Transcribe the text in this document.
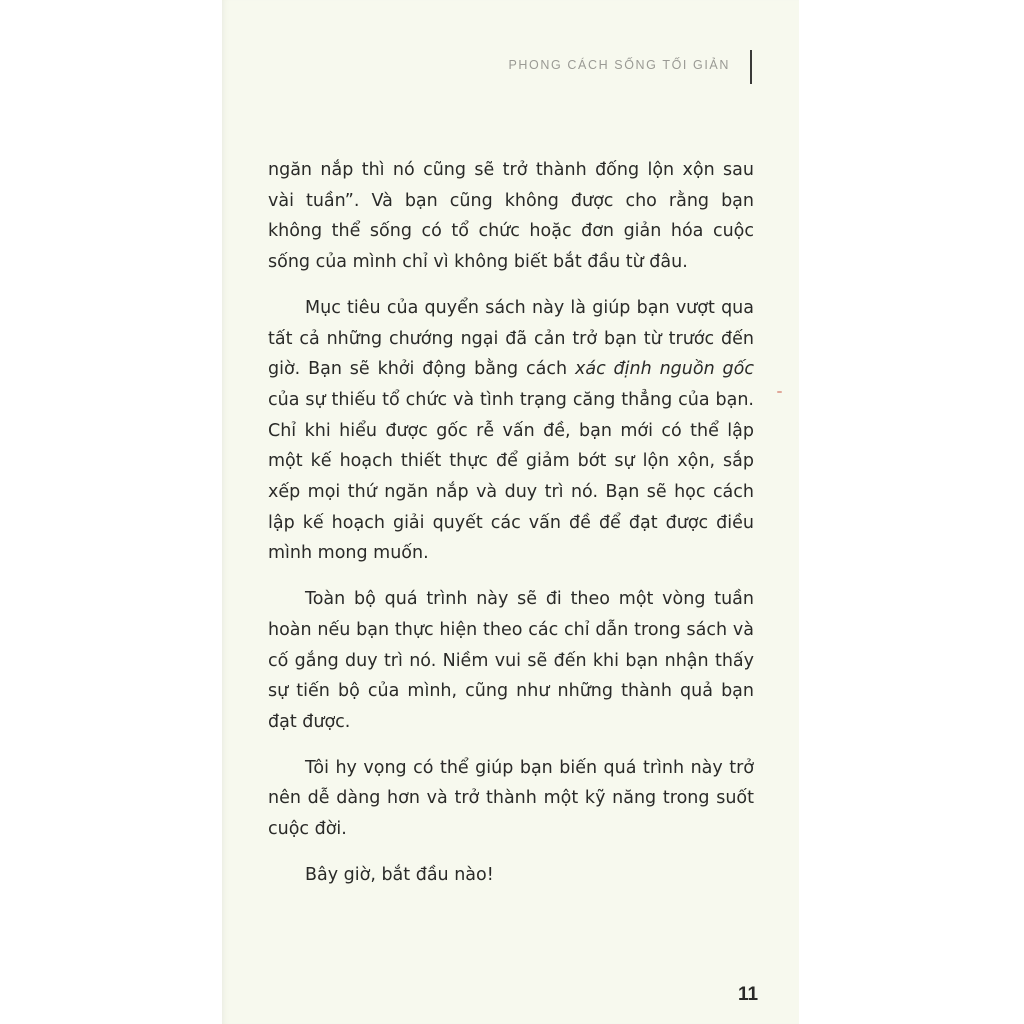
PHONG CÁCH SỐNG TỐI GIẢN

ngăn nắp thì nó cũng sẽ trở thành đống lộn xộn sau vài tuần”. Và bạn cũng không được cho rằng bạn không thể sống có tổ chức hoặc đơn giản hóa cuộc sống của mình chỉ vì không biết bắt đầu từ đâu.

Mục tiêu của quyển sách này là giúp bạn vượt qua tất cả những chướng ngại đã cản trở bạn từ trước đến giờ. Bạn sẽ khởi động bằng cách xác định nguồn gốc của sự thiếu tổ chức và tình trạng căng thẳng của bạn. Chỉ khi hiểu được gốc rễ vấn đề, bạn mới có thể lập một kế hoạch thiết thực để giảm bớt sự lộn xộn, sắp xếp mọi thứ ngăn nắp và duy trì nó. Bạn sẽ học cách lập kế hoạch giải quyết các vấn đề để đạt được điều mình mong muốn.

Toàn bộ quá trình này sẽ đi theo một vòng tuần hoàn nếu bạn thực hiện theo các chỉ dẫn trong sách và cố gắng duy trì nó. Niềm vui sẽ đến khi bạn nhận thấy sự tiến bộ của mình, cũng như những thành quả bạn đạt được.

Tôi hy vọng có thể giúp bạn biến quá trình này trở nên dễ dàng hơn và trở thành một kỹ năng trong suốt cuộc đời.

Bây giờ, bắt đầu nào!

11
